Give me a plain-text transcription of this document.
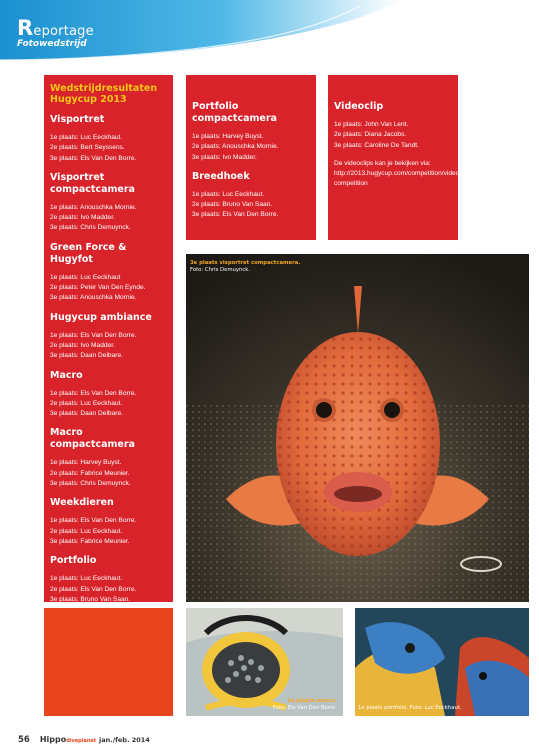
Reportage
Fotowedstrijd
Wedstrijdresultaten Hugycup 2013
Visportret
1e plaats: Luc Eeckhaut.
2e plaats: Bert Seyssens.
3e plaats: Els Van Den Borre.
Visportret compactcamera
1e plaats: Anouschka Mornie.
2e plaats: Ivo Madder.
3e plaats: Chris Demuynck.
Green Force & Hugyfot
1e plaats: Luc Eeckhaut
2e plaats: Peter Van Den Eynde.
3e plaats: Anouschka Mornie.
Hugycup ambiance
1e plaats: Els Van Den Borre.
2e plaats: Ivo Madder.
3e plaats: Daan Delbare.
Macro
1e plaats: Els Van Den Borre.
2e plaats: Luc Eeckhaut.
3e plaats: Daan Delbare.
Macro compactcamera
1e plaats: Harvey Buyst.
2e plaats: Fabrice Meunier.
3e plaats: Chris Demuynck.
Weekdieren
1e plaats: Els Van Den Borre.
2e plaats: Luc Eeckhaut.
3e plaats: Fabrice Meunier.
Portfolio
1e plaats: Luc Eeckhaut.
2e plaats: Els Van Den Borre.
3e plaats: Bruno Van Saan.
Portfolio compactcamera
1e plaats: Harvey Buyst.
2e plaats: Anouschka Mornie.
3e plaats: Ivo Madder.
Breedhoek
1e plaats: Luc Eeckhaut.
2e plaats: Bruno Van Saan.
3e plaats: Els Van Den Borre.
Videoclip
1e plaats: John Van Lent.
2e plaats: Diana Jacobs.
3e plaats: Caroline De Tandt.
De videoclips kan je bekijken via: http://2013.hugycup.com/competition/videoclip-competition
3e plaats visportret compactcamera.
Foto: Chris Demuynck.
1e plaats macro.
Foto: Els Van Den Borre.	1e plaats portfolio. Foto: Luc Eeckhaut.
56 Hippodiveplanet jan./feb. 2014
